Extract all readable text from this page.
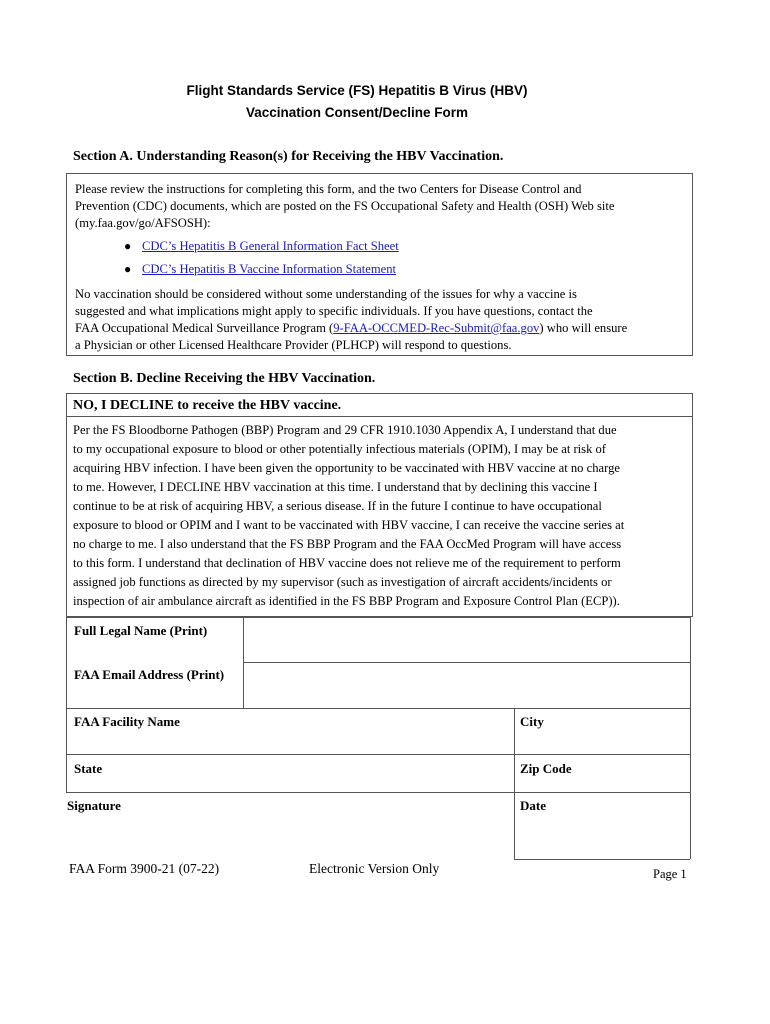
Flight Standards Service (FS) Hepatitis B Virus (HBV)
Vaccination Consent/Decline Form
Section A. Understanding Reason(s) for Receiving the HBV Vaccination.

Please review the instructions for completing this form, and the two Centers for Disease Control and

Prevention (CDC) documents, which are posted on the FS Occupational Safety and Health (OSH) Web site

(my.faa.gov/go/AFSOSH):

● CDC’s Hepatitis B General Information Fact Sheet
● CDC’s Hepatitis B Vaccine Information Statement

No vaccination should be considered without some understanding of the issues for why a vaccine is

suggested and what implications might apply to specific individuals. If you have questions, contact the

FAA Occupational Medical Surveillance Program (9-FAA-OCCMED-Rec-Submit@faa.gov) who will ensure

a Physician or other Licensed Healthcare Provider (PLHCP) will respond to questions.

Section B. Decline Receiving the HBV Vaccination.
NO, I DECLINE to receive the HBV vaccine.

Per the FS Bloodborne Pathogen (BBP) Program and 29 CFR 1910.1030 Appendix A, I understand that due

to my occupational exposure to blood or other potentially infectious materials (OPIM), I may be at risk of

acquiring HBV infection. I have been given the opportunity to be vaccinated with HBV vaccine at no charge

to me. However, I DECLINE HBV vaccination at this time. I understand that by declining this vaccine I

continue to be at risk of acquiring HBV, a serious disease. If in the future I continue to have occupational

exposure to blood or OPIM and I want to be vaccinated with HBV vaccine, I can receive the vaccine series at

no charge to me. I also understand that the FS BBP Program and the FAA OccMed Program will have access

to this form. I understand that declination of HBV vaccine does not relieve me of the requirement to perform

assigned job functions as directed by my supervisor (such as investigation of aircraft accidents/incidents or

inspection of air ambulance aircraft as identified in the FS BBP Program and Exposure Control Plan (ECP)).

Full Legal Name (Print)
FAA Email Address (Print)
FAA Facility Name	City
State	Zip Code
Signature	Date
FAA Form 3900-21 (07-22)	Electronic Version Only	Page 1
